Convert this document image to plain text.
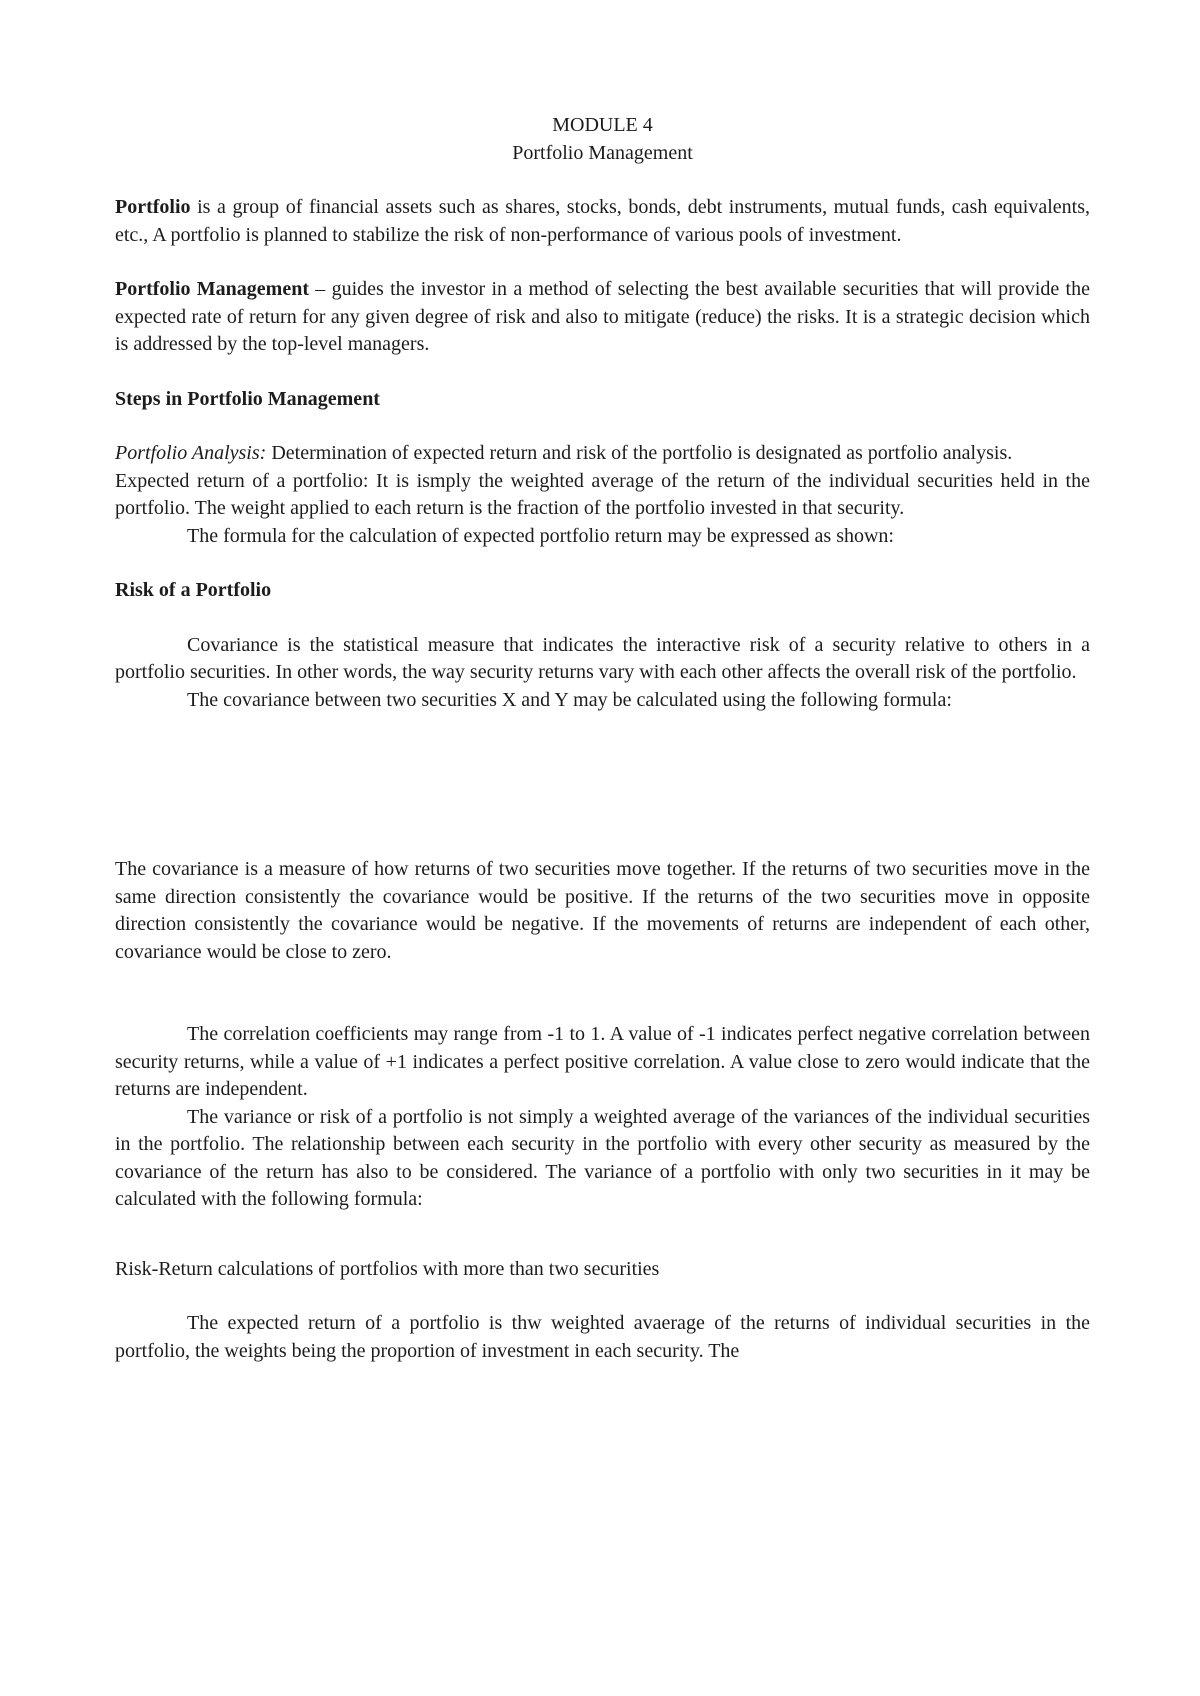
MODULE 4
Portfolio Management

Portfolio is a group of financial assets such as shares, stocks, bonds, debt instruments, mutual funds, cash equivalents, etc., A portfolio is planned to stabilize the risk of non-performance of various pools of investment.

Portfolio Management – guides the investor in a method of selecting the best available securities that will provide the expected rate of return for any given degree of risk and also to mitigate (reduce) the risks. It is a strategic decision which is addressed by the top-level managers.

Steps in Portfolio Management

Portfolio Analysis: Determination of expected return and risk of the portfolio is designated as portfolio analysis.

Expected return of a portfolio: It is ismply the weighted average of the return of the individual securities held in the portfolio. The weight applied to each return is the fraction of the portfolio invested in that security.

The formula for the calculation of expected portfolio return may be expressed as shown:

Risk of a Portfolio

Covariance is the statistical measure that indicates the interactive risk of a security relative to others in a portfolio securities. In other words, the way security returns vary with each other affects the overall risk of the portfolio.

The covariance between two securities X and Y may be calculated using the following formula:

The covariance is a measure of how returns of two securities move together. If the returns of two securities move in the same direction consistently the covariance would be positive. If the returns of the two securities move in opposite direction consistently the covariance would be negative. If the movements of returns are independent of each other, covariance would be close to zero.

The correlation coefficients may range from -1 to 1. A value of -1 indicates perfect negative correlation between security returns, while a value of +1 indicates a perfect positive correlation. A value close to zero would indicate that the returns are independent.

The variance or risk of a portfolio is not simply a weighted average of the variances of the individual securities in the portfolio. The relationship between each security in the portfolio with every other security as measured by the covariance of the return has also to be considered. The variance of a portfolio with only two securities in it may be calculated with the following formula:

Risk-Return calculations of portfolios with more than two securities

The expected return of a portfolio is thw weighted avaerage of the returns of individual securities in the portfolio, the weights being the proportion of investment in each security. The
